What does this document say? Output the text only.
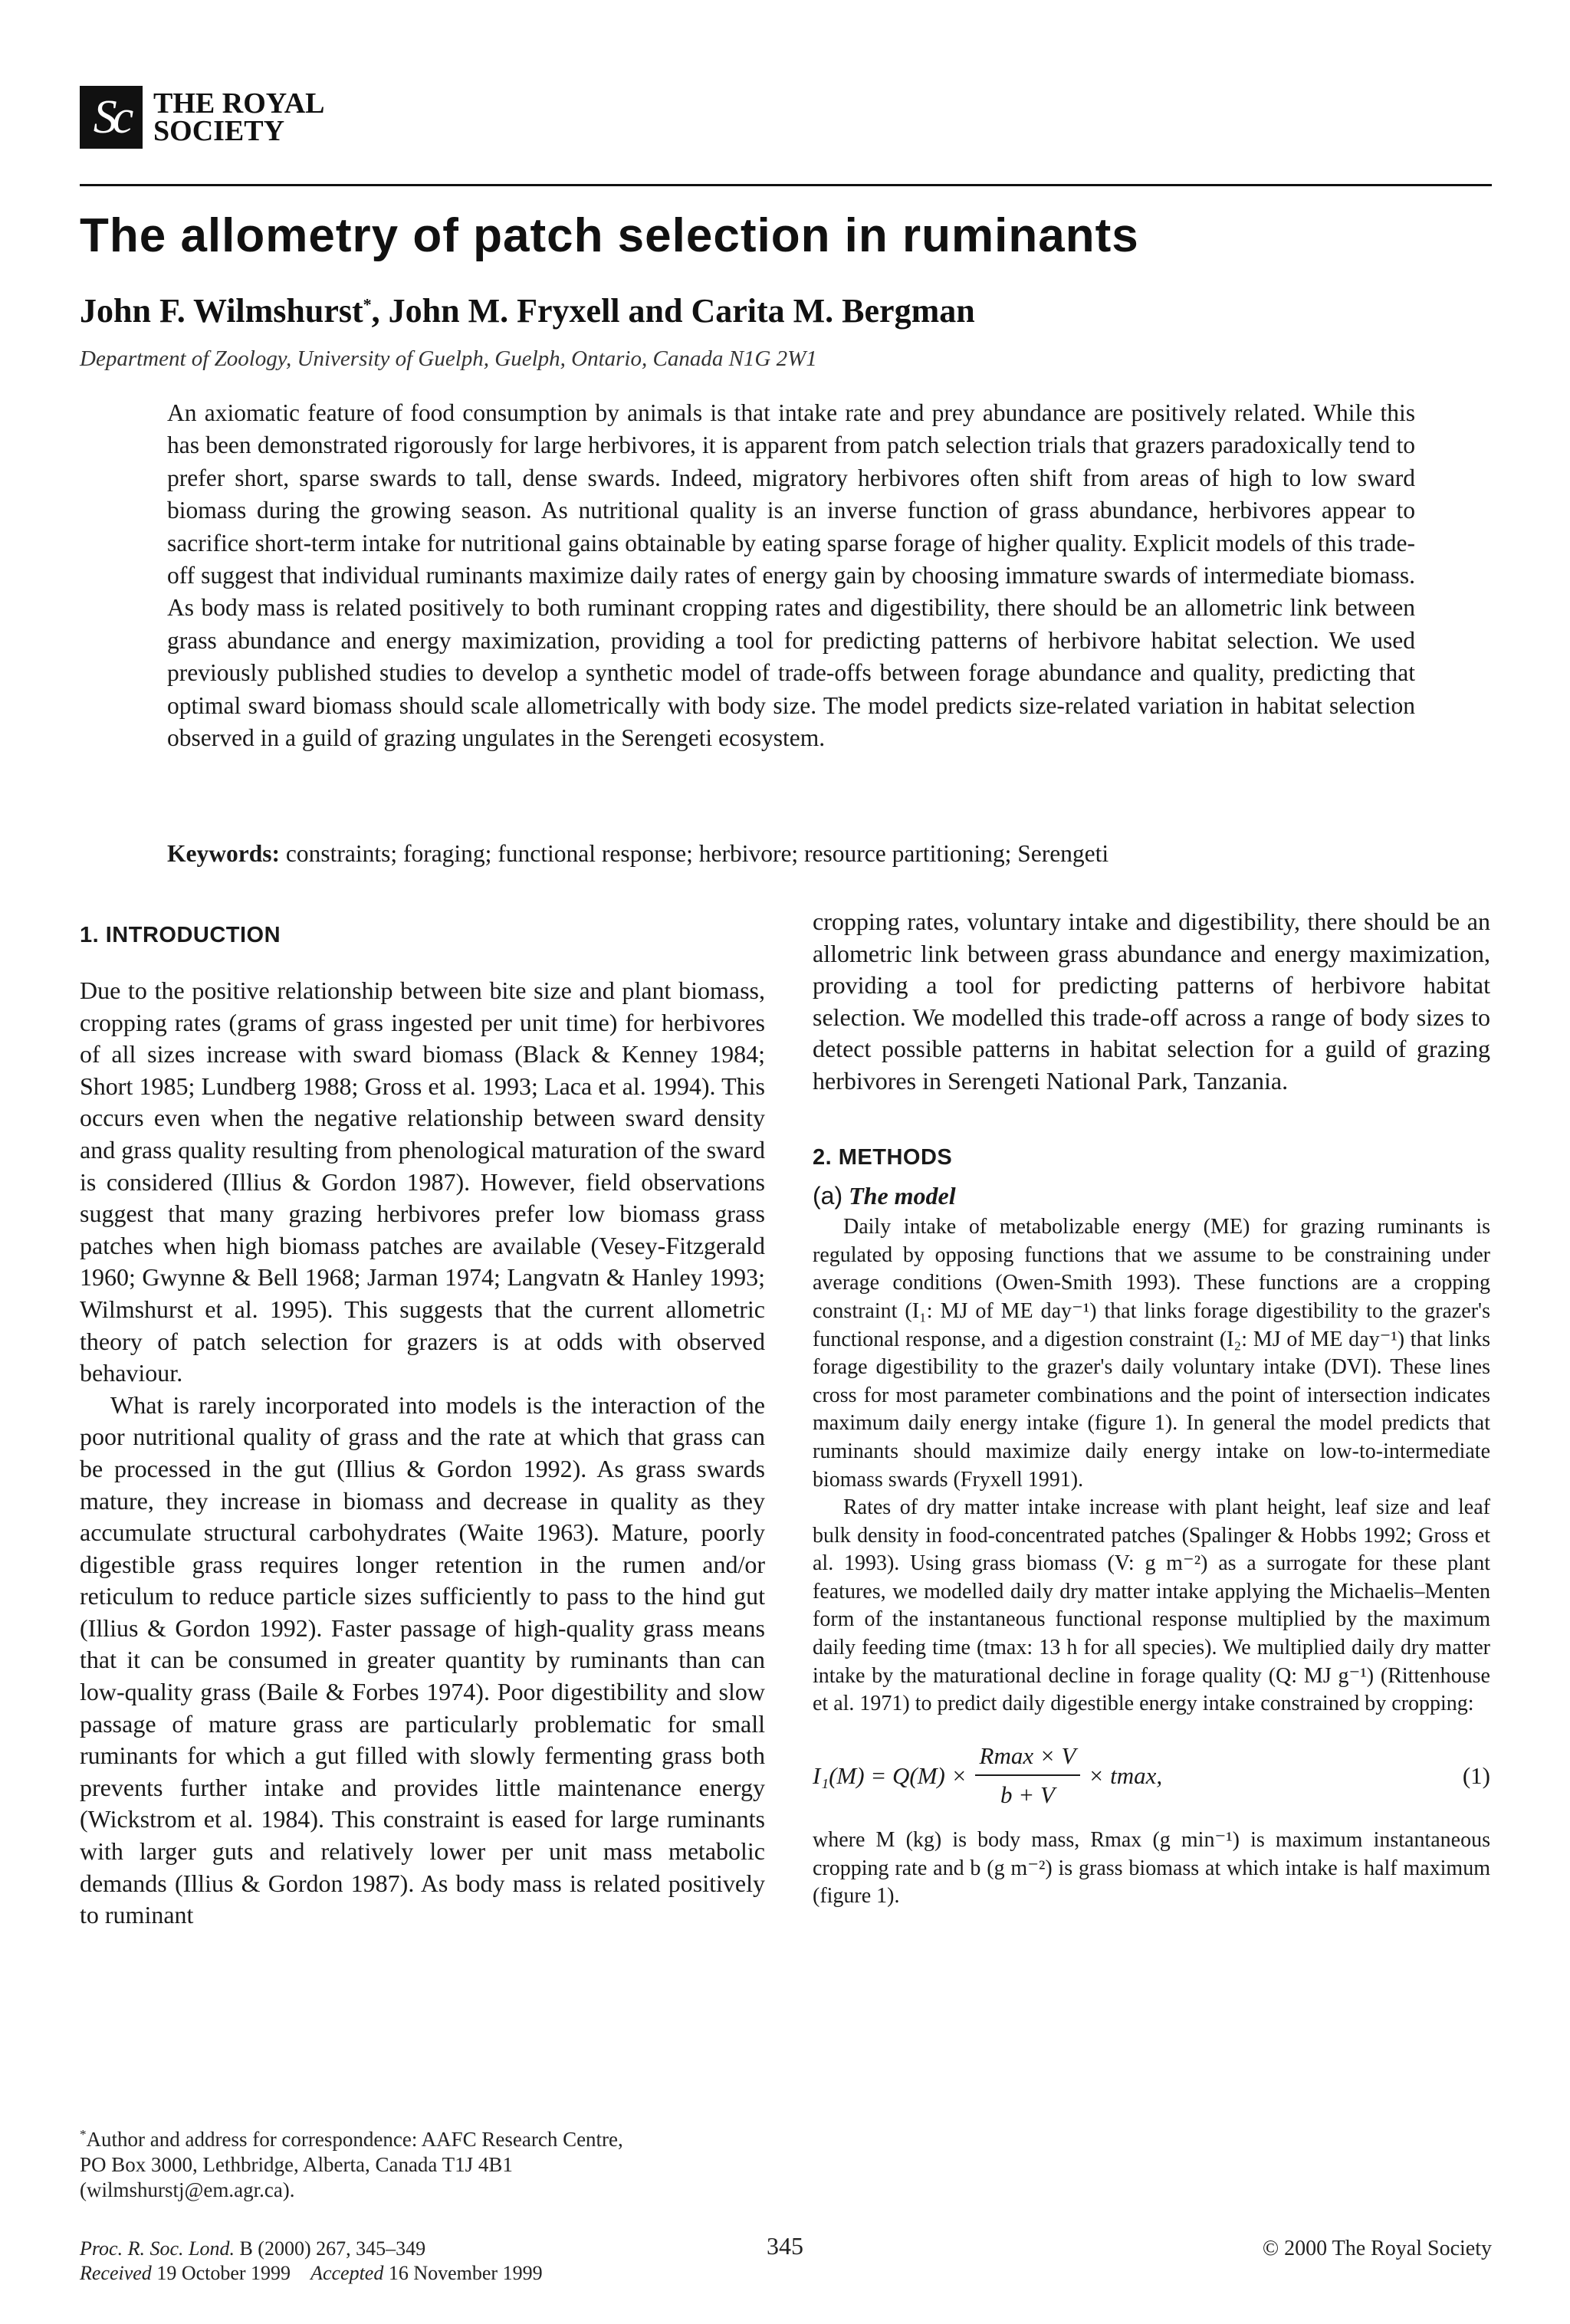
Sc THE ROYAL
SOCIETY
The allometry of patch selection in ruminants
John F. Wilmshurst*, John M. Fryxell and Carita M. Bergman
Department of Zoology, University of Guelph, Guelph, Ontario, Canada N1G 2W1

An axiomatic feature of food consumption by animals is that intake rate and prey abundance are positively related. While this has been demonstrated rigorously for large herbivores, it is apparent from patch selection trials that grazers paradoxically tend to prefer short, sparse swards to tall, dense swards. Indeed, migratory herbivores often shift from areas of high to low sward biomass during the growing season. As nutritional quality is an inverse function of grass abundance, herbivores appear to sacrifice short-term intake for nutritional gains obtainable by eating sparse forage of higher quality. Explicit models of this trade-off suggest that individual ruminants maximize daily rates of energy gain by choosing immature swards of intermediate biomass. As body mass is related positively to both ruminant cropping rates and digestibility, there should be an allometric link between grass abundance and energy maximization, providing a tool for predicting patterns of herbivore habitat selection. We used previously published studies to develop a synthetic model of trade-offs between forage abundance and quality, predicting that optimal sward biomass should scale allometrically with body size. The model predicts size-related variation in habitat selection observed in a guild of grazing ungulates in the Serengeti ecosystem.

Keywords: constraints; foraging; functional response; herbivore; resource partitioning; Serengeti
1. INTRODUCTION

Due to the positive relationship between bite size and plant biomass, cropping rates (grams of grass ingested per unit time) for herbivores of all sizes increase with sward biomass (Black & Kenney 1984; Short 1985; Lundberg 1988; Gross et al. 1993; Laca et al. 1994). This occurs even when the negative relationship between sward density and grass quality resulting from phenological maturation of the sward is considered (Illius & Gordon 1987). However, field observations suggest that many grazing herbivores prefer low biomass grass patches when high biomass patches are available (Vesey-Fitzgerald 1960; Gwynne & Bell 1968; Jarman 1974; Langvatn & Hanley 1993; Wilmshurst et al. 1995). This suggests that the current allometric theory of patch selection for grazers is at odds with observed behaviour.

What is rarely incorporated into models is the interaction of the poor nutritional quality of grass and the rate at which that grass can be processed in the gut (Illius & Gordon 1992). As grass swards mature, they increase in biomass and decrease in quality as they accumulate structural carbohydrates (Waite 1963). Mature, poorly digestible grass requires longer retention in the rumen and/or reticulum to reduce particle sizes sufficiently to pass to the hind gut (Illius & Gordon 1992). Faster passage of high-quality grass means that it can be consumed in greater quantity by ruminants than can low-quality grass (Baile & Forbes 1974). Poor digestibility and slow passage of mature grass are particularly problematic for small ruminants for which a gut filled with slowly fermenting grass both prevents further intake and provides little maintenance energy (Wickstrom et al. 1984). This constraint is eased for large ruminants with larger guts and relatively lower per unit mass metabolic demands (Illius & Gordon 1987). As body mass is related positively to ruminant

cropping rates, voluntary intake and digestibility, there should be an allometric link between grass abundance and energy maximization, providing a tool for predicting patterns of herbivore habitat selection. We modelled this trade-off across a range of body sizes to detect possible patterns in habitat selection for a guild of grazing herbivores in Serengeti National Park, Tanzania.

2. METHODS
(a) The model

Daily intake of metabolizable energy (ME) for grazing ruminants is regulated by opposing functions that we assume to be constraining under average conditions (Owen-Smith 1993). These functions are a cropping constraint (I₁: MJ of ME day⁻¹) that links forage digestibility to the grazer's functional response, and a digestion constraint (I₂: MJ of ME day⁻¹) that links forage digestibility to the grazer's daily voluntary intake (DVI). These lines cross for most parameter combinations and the point of intersection indicates maximum daily energy intake (figure 1). In general the model predicts that ruminants should maximize daily energy intake on low-to-intermediate biomass swards (Fryxell 1991).

Rates of dry matter intake increase with plant height, leaf size and leaf bulk density in food-concentrated patches (Spalinger & Hobbs 1992; Gross et al. 1993). Using grass biomass (V: g m⁻²) as a surrogate for these plant features, we modelled daily dry matter intake applying the Michaelis–Menten form of the instantaneous functional response multiplied by the maximum daily feeding time (tmax: 13 h for all species). We multiplied daily dry matter intake by the maturational decline in forage quality (Q: MJ g⁻¹) (Rittenhouse et al. 1971) to predict daily digestible energy intake constrained by cropping:

$I_1(M) = Q(M) \times \frac{Rmax \times V}{b + V} \times tmax$,	(1)

where M (kg) is body mass, Rmax (g min⁻¹) is maximum instantaneous cropping rate and b (g m⁻²) is grass biomass at which intake is half maximum (figure 1).

*Author and address for correspondence: AAFC Research Centre,
PO Box 3000, Lethbridge, Alberta, Canada T1J 4B1
(wilmshurstj@em.agr.ca).
Proc. R. Soc. Lond. B (2000) 267, 345–349
Received 19 October 1999 Accepted 16 November 1999
345	© 2000 The Royal Society
